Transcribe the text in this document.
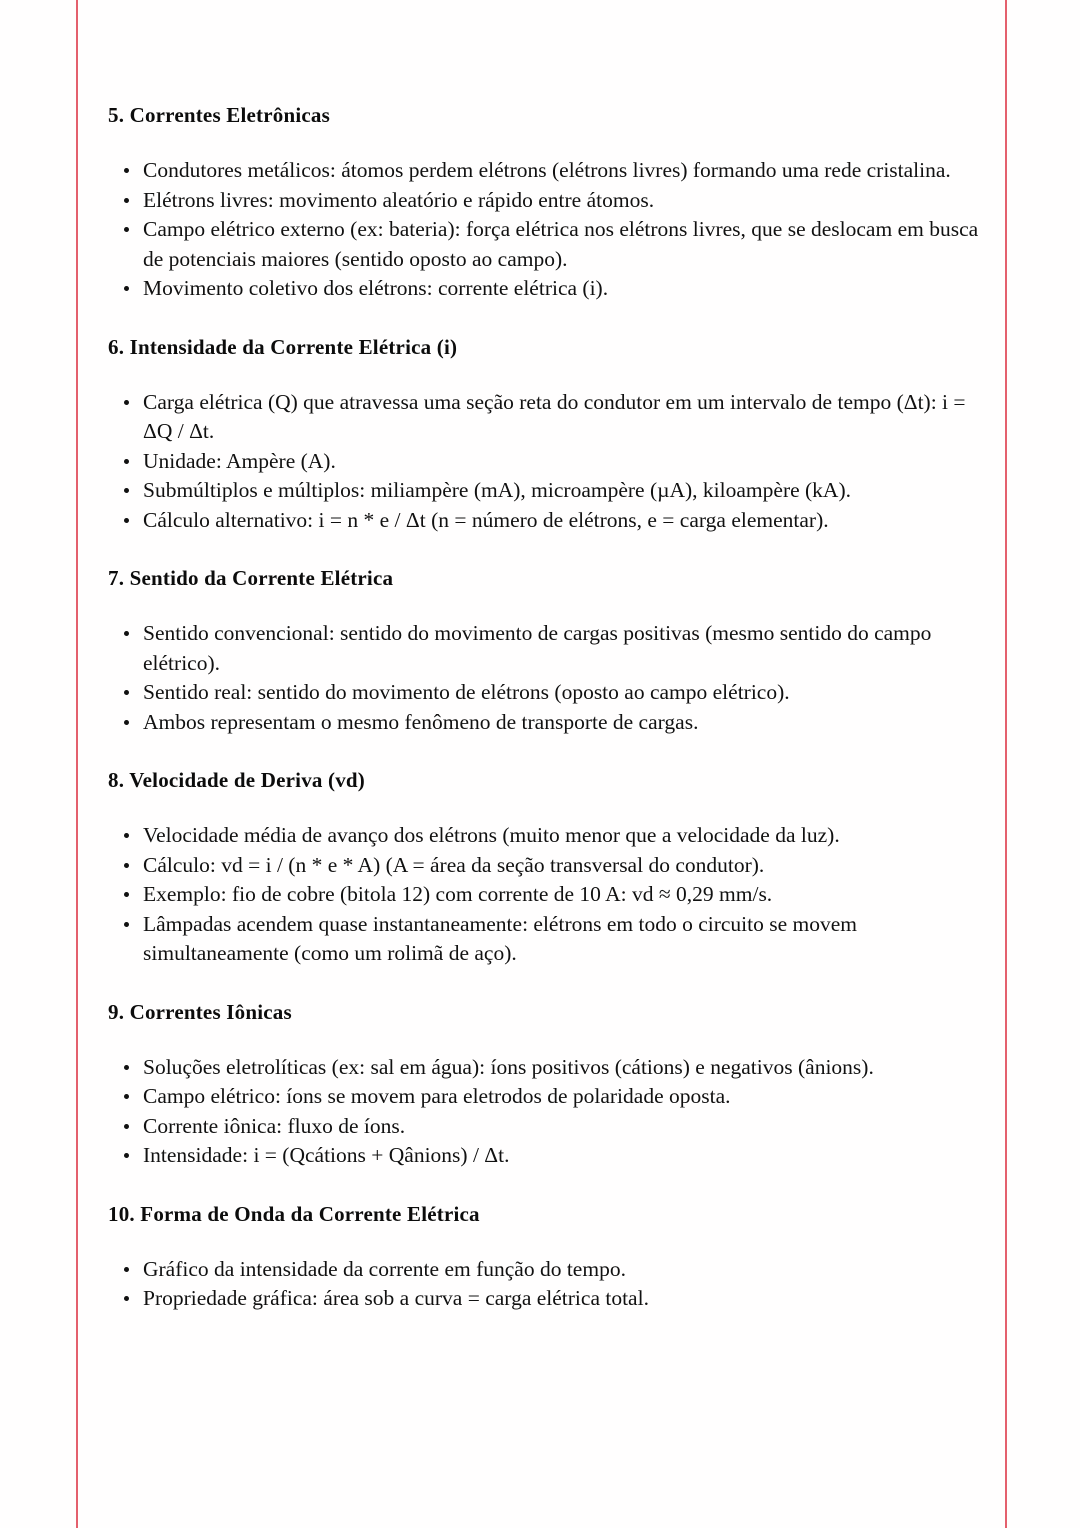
5. Correntes Eletrônicas
Condutores metálicos: átomos perdem elétrons (elétrons livres) formando uma rede cristalina.
Elétrons livres: movimento aleatório e rápido entre átomos.
Campo elétrico externo (ex: bateria): força elétrica nos elétrons livres, que se deslocam em busca de potenciais maiores (sentido oposto ao campo).
Movimento coletivo dos elétrons: corrente elétrica (i).
6. Intensidade da Corrente Elétrica (i)
Carga elétrica (Q) que atravessa uma seção reta do condutor em um intervalo de tempo (Δt): i = ΔQ / Δt.
Unidade: Ampère (A).
Submúltiplos e múltiplos: miliampère (mA), microampère (µA), kiloampère (kA).
Cálculo alternativo: i = n * e / Δt (n = número de elétrons, e = carga elementar).
7. Sentido da Corrente Elétrica
Sentido convencional: sentido do movimento de cargas positivas (mesmo sentido do campo elétrico).
Sentido real: sentido do movimento de elétrons (oposto ao campo elétrico).
Ambos representam o mesmo fenômeno de transporte de cargas.
8. Velocidade de Deriva (vd)
Velocidade média de avanço dos elétrons (muito menor que a velocidade da luz).
Cálculo: vd = i / (n * e * A) (A = área da seção transversal do condutor).
Exemplo: fio de cobre (bitola 12) com corrente de 10 A: vd ≈ 0,29 mm/s.
Lâmpadas acendem quase instantaneamente: elétrons em todo o circuito se movem simultaneamente (como um rolimã de aço).
9. Correntes Iônicas
Soluções eletrolíticas (ex: sal em água): íons positivos (cátions) e negativos (ânions).
Campo elétrico: íons se movem para eletrodos de polaridade oposta.
Corrente iônica: fluxo de íons.
Intensidade: i = (Qcátions + Qânions) / Δt.
10. Forma de Onda da Corrente Elétrica
Gráfico da intensidade da corrente em função do tempo.
Propriedade gráfica: área sob a curva = carga elétrica total.
